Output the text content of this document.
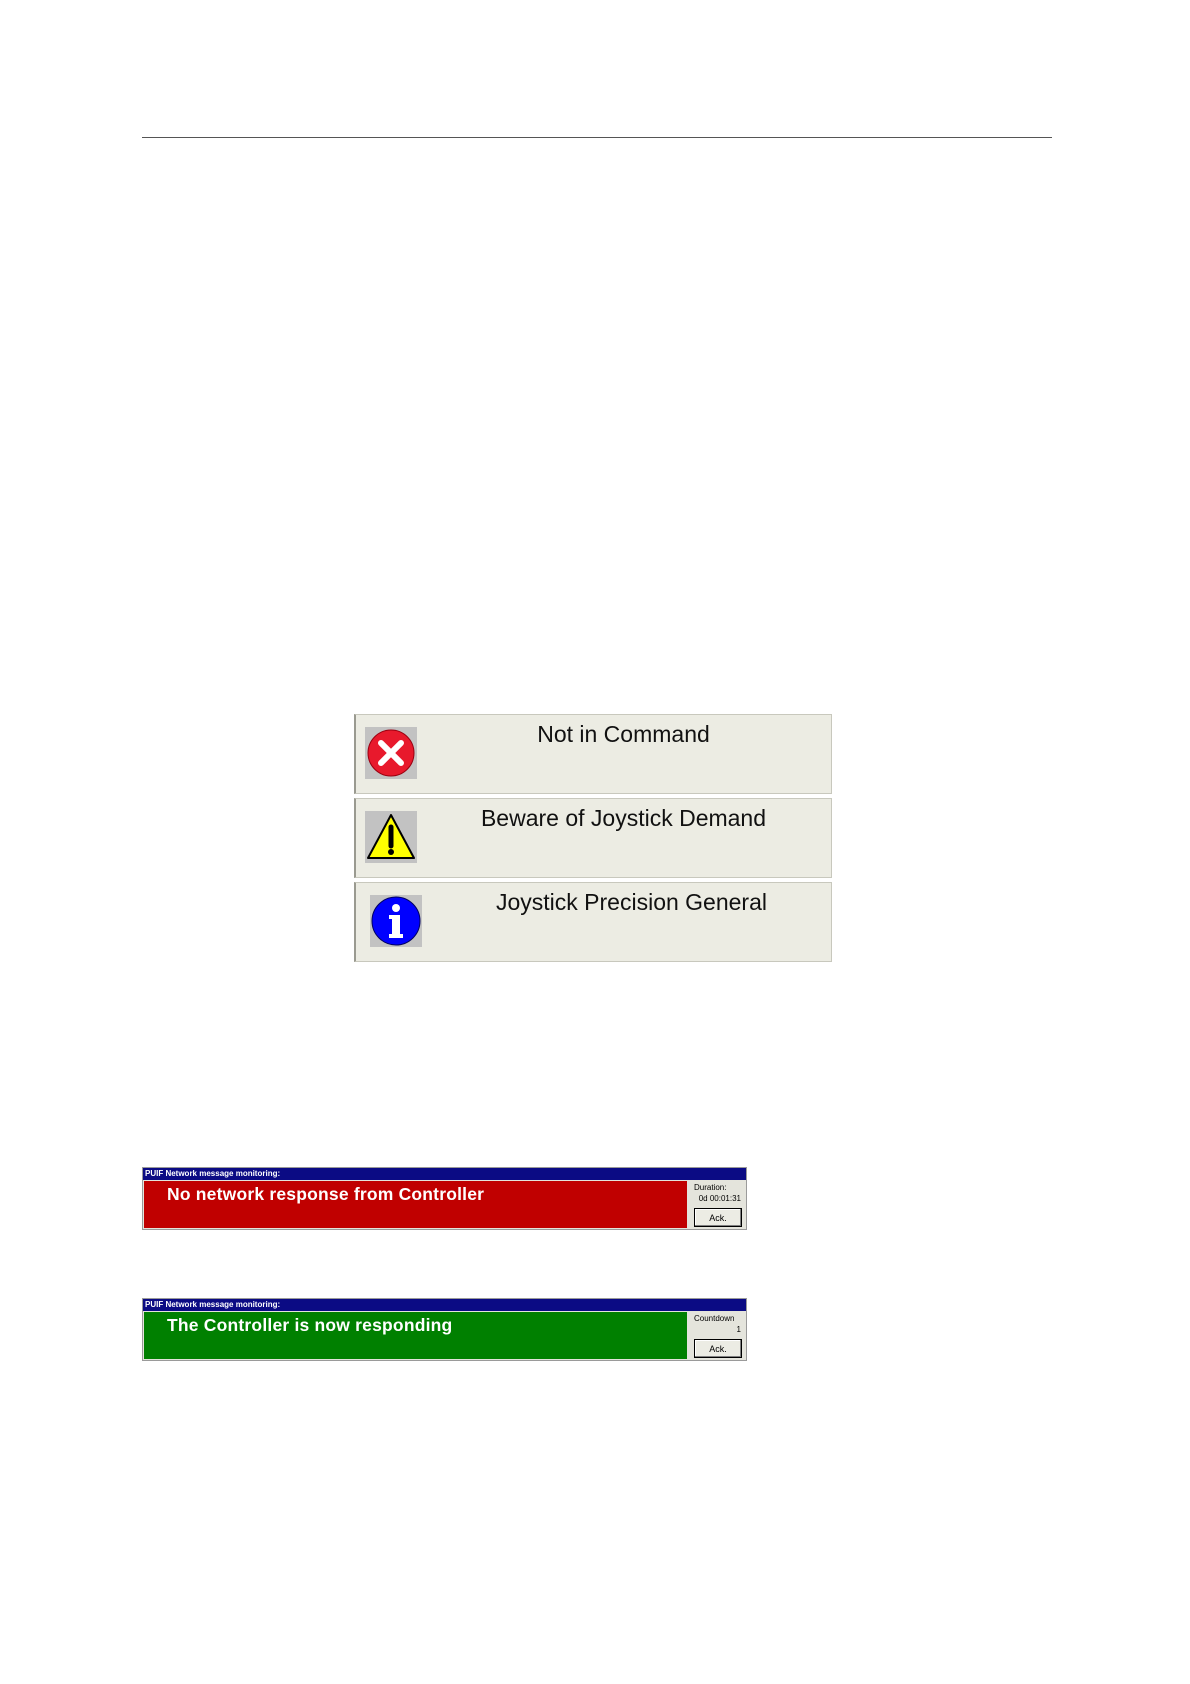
Not in Command
Beware of Joystick Demand
Joystick Precision General
PUIF Network message monitoring:
No network response from Controller	Duration:
0d 00:01:31
Ack.
PUIF Network message monitoring:
The Controller is now responding	Countdown
1
Ack.
